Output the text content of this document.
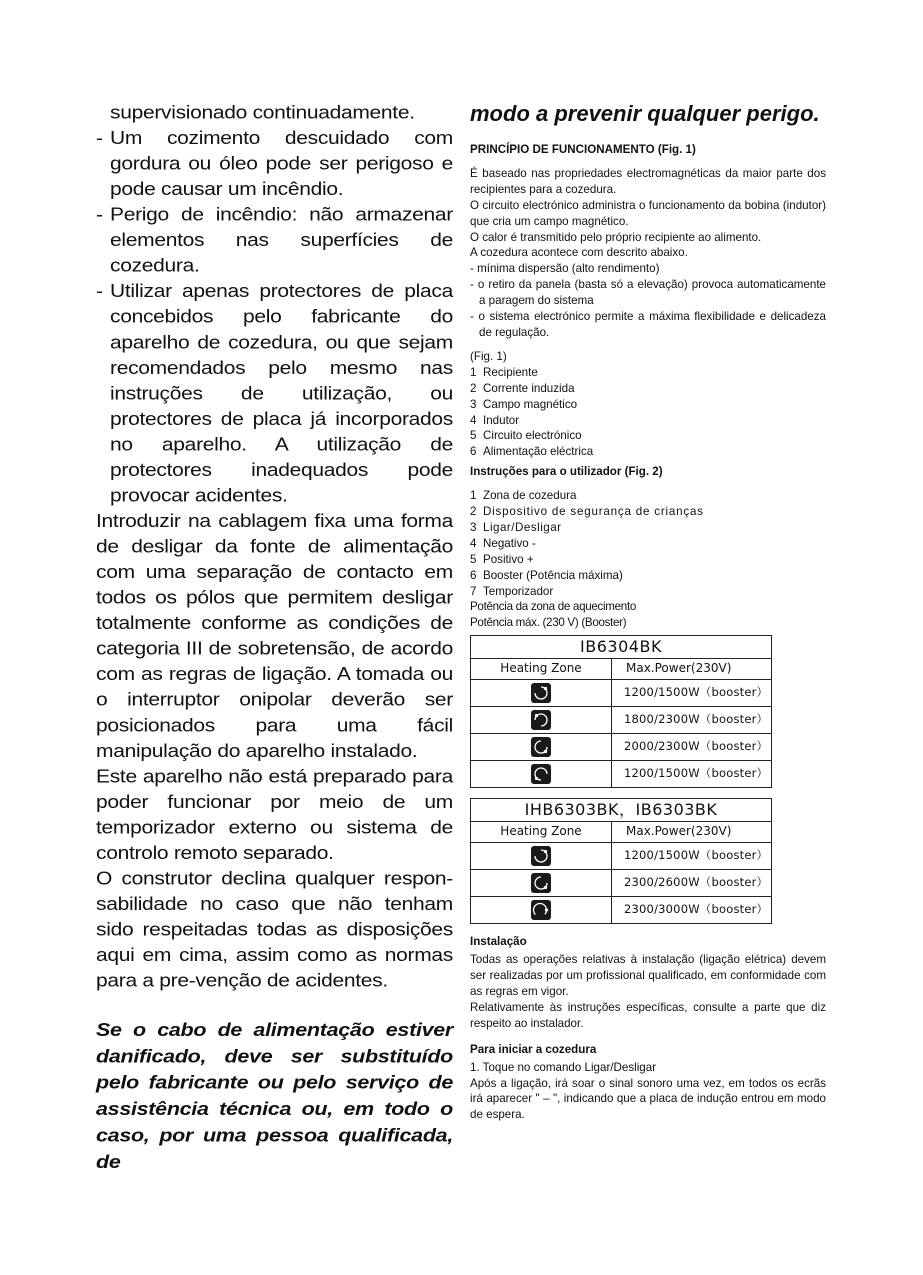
supervisionado continuadamente.

- Um cozimento descuidado com gordura ou óleo pode ser perigoso e pode causar um incêndio.

- Perigo de incêndio: não armazenar elementos nas superfícies de cozedura.

- Utilizar apenas protectores de placa concebidos pelo fabricante do aparelho de cozedura, ou que sejam recomendados pelo mesmo nas instruções de utilização, ou protectores de placa já incorporados no aparelho. A utilização de protectores inadequados pode provocar acidentes.

Introduzir na cablagem fixa uma forma de desligar da fonte de alimentação com uma separação de contacto em todos os pólos que permitem desligar totalmente conforme as condições de categoria III de sobretensão, de acordo com as regras de ligação. A tomada ou o interruptor onipolar deverão ser posicionados para uma fácil manipulação do aparelho instalado.

Este aparelho não está preparado para poder funcionar por meio de um temporizador externo ou sistema de controlo remoto separado.

O construtor declina qualquer respon-sabilidade no caso que não tenham sido respeitadas todas as disposições aqui em cima, assim como as normas para a pre-venção de acidentes.

Se o cabo de alimentação estiver danificado, deve ser substituído pelo fabricante ou pelo serviço de assistência técnica ou, em todo o caso, por uma pessoa qualificada, de

modo a prevenir qualquer perigo.

PRINCÍPIO DE FUNCIONAMENTO (Fig. 1)

É baseado nas propriedades electromagnéticas da maior parte dos recipientes para a cozedura.

O circuito electrónico administra o funcionamento da bobina (indutor) que cria um campo magnético.

O calor é transmitido pelo próprio recipiente ao alimento.

A cozedura acontece com descrito abaixo.

- mínima dispersão (alto rendimento)

- o retiro da panela (basta só a elevação) provoca automaticamente a paragem do sistema

- o sistema electrónico permite a máxima flexibilidade e delicadeza de regulação.

(Fig. 1)

1 Recipiente

2 Corrente induzida

3 Campo magnético

4 Indutor

5 Circuito electrónico

6 Alimentação eléctrica

Instruções para o utilizador (Fig. 2)

1 Zona de cozedura

2 Dispositivo de segurança de crianças

3 Ligar/Desligar

4 Negativo -

5 Positivo +

6 Booster (Potência máxima)

7 Temporizador

Potência da zona de aquecimento

Potência máx. (230 V) (Booster)

IB6304BK	
Heating Zone	Max.Power(230V)

	1200/1500W（booster）

	1800/2300W（booster）

	2000/2300W（booster）

	1200/1500W（booster）
IHB6303BK，IB6303BK	
Heating Zone	Max.Power(230V)

	1200/1500W（booster）

	2300/2600W（booster）

	2300/3000W（booster）

Instalação

Todas as operações relativas à instalação (ligação elétrica) devem ser realizadas por um profissional qualificado, em conformidade com as regras em vigor.

Relativamente às instruções específicas, consulte a parte que diz respeito ao instalador.

Para iniciar a cozedura

1. Toque no comando Ligar/Desligar

Após a ligação, irá soar o sinal sonoro uma vez, em todos os ecrãs irá aparecer " – ", indicando que a placa de indução entrou em modo de espera.
